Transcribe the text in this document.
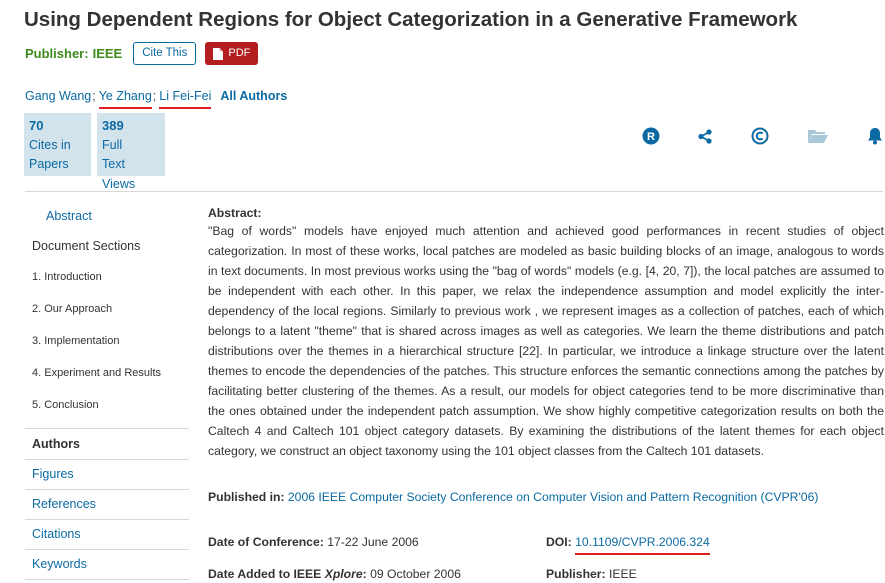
Using Dependent Regions for Object Categorization in a Generative Framework
Publisher: IEEE	Cite This	PDF
Gang Wang ; Ye Zhang ; Li Fei-Fei All Authors
70
Cites in
Papers
389
Full
Text Views
R
Abstract
Document Sections
1. Introduction
2. Our Approach
3. Implementation
4. Experiment and Results
5. Conclusion
Authors
Figures
References
Citations
Keywords
Abstract:
"Bag of words" models have enjoyed much attention and achieved good performances in recent studies of object categorization. In most of these works, local patches are modeled as basic building blocks of an image, analogous to words in text documents. In most previous works using the "bag of words" models (e.g. [4, 20, 7]), the local patches are assumed to be independent with each other. In this paper, we relax the independence assumption and model explicitly the inter-dependency of the local regions. Similarly to previous work , we represent images as a collection of patches, each of which belongs to a latent "theme" that is shared across images as well as categories. We learn the theme distributions and patch distributions over the themes in a hierarchical structure [22]. In particular, we introduce a linkage structure over the latent themes to encode the dependencies of the patches. This structure enforces the semantic connections among the patches by facilitating better clustering of the themes. As a result, our models for object categories tend to be more discriminative than the ones obtained under the independent patch assumption. We show highly competitive categorization results on both the Caltech 4 and Caltech 101 object category datasets. By examining the distributions of the latent themes for each object category, we construct an object taxonomy using the 101 object classes from the Caltech 101 datasets.
Published in: 2006 IEEE Computer Society Conference on Computer Vision and Pattern Recognition (CVPR'06)
Date of Conference: 17-22 June 2006	DOI: 10.1109/CVPR.2006.324
Date Added to IEEE Xplore: 09 October 2006	Publisher: IEEE
